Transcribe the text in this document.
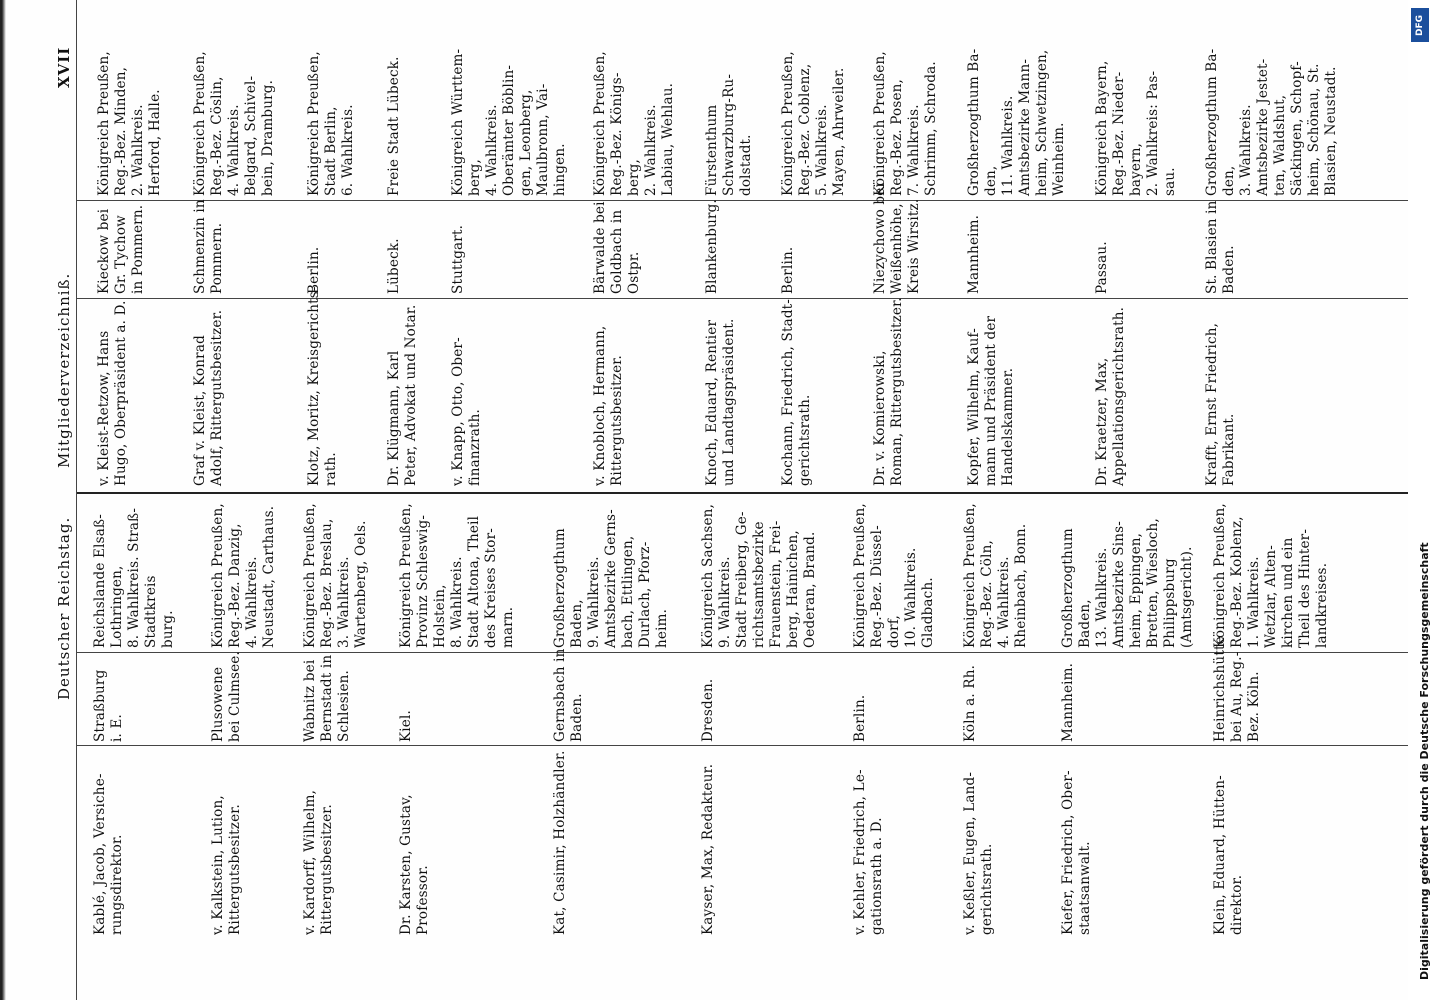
Deutscher Reichstag.
Mitgliederverzeichniß.
XVII
Kablé, Jacob, Versiche-
rungsdirektor.
Straßburg
i. E.
Reichslande Elsaß-
Lothringen,
8. Wahlkreis. Straß-
Stadtkreis
burg.
v. Kalkstein, Lution,
Rittergutsbesitzer.
Plusowene
bei Culmsee.
Königreich Preußen,
Reg.-Bez. Danzig,
4. Wahlkreis.
Neustadt, Carthaus.
v. Kardorff, Wilhelm,
Rittergutsbesitzer.
Wabnitz bei
Bernstadt in
Schlesien.
Königreich Preußen,
Reg.-Bez. Breslau,
3. Wahlkreis.
Wartenberg, Oels.
Dr. Karsten, Gustav,
Professor.
Kiel.
Königreich Preußen,
Provinz Schleswig-
Holstein,
8. Wahlkreis.
Stadt Altona, Theil
des Kreises Stor-
marn.
Kat, Casimir, Holzhändler.
Gernsbach in
Baden.
Großherzogthum
Baden,
9. Wahlkreis.
Amtsbezirke Gerns-
bach, Ettlingen,
Durlach, Pforz-
heim.
Kayser, Max, Redakteur.
Dresden.
Königreich Sachsen,
9. Wahlkreis.
Stadt Freiberg, Ge-
richtsamtsbezirke
Frauenstein, Frei-
berg, Hainichen,
Oederan, Brand.
v. Kehler, Friedrich, Le-
gationsrath a. D.
Berlin.
Königreich Preußen,
Reg.-Bez. Düssel-
dorf,
10. Wahlkreis.
Gladbach.
v. Keßler, Eugen, Land-
gerichtsrath.
Köln a. Rh.
Königreich Preußen,
Reg.-Bez. Cöln,
4. Wahlkreis.
Rheinbach, Bonn.
Kiefer, Friedrich, Ober-
staatsanwalt.
Mannheim.
Großherzogthum
Baden,
13. Wahlkreis.
Amtsbezirke Sins-
heim, Eppingen,
Bretten, Wiesloch,
Philippsburg
(Amtsgericht).
Klein, Eduard, Hütten-
direktor.
Heinrichshütte
bei Au, Reg.-
Bez. Köln.
Königreich Preußen,
Reg.-Bez. Koblenz,
1. Wahlkreis.
Wetzlar, Alten-
kirchen und ein
Theil des Hinter-
landkreises.
v. Kleist-Retzow, Hans
Hugo, Oberpräsident a. D.
Kieckow bei
Gr. Tychow
in Pommern.
Königreich Preußen,
Reg.-Bez. Minden,
2. Wahlkreis.
Herford, Halle.
Graf v. Kleist, Konrad
Adolf, Rittergutsbesitzer.
Schmenzin in
Pommern.
Königreich Preußen,
Reg.-Bez. Cöslin,
4. Wahlkreis.
Belgard, Schivel-
bein, Dramburg.
Klotz, Moritz, Kreisgerichts-
rath.
Berlin.
Königreich Preußen,
Stadt Berlin,
6. Wahlkreis.
Dr. Klügmann, Karl
Peter, Advokat und Notar.
Lübeck.
Freie Stadt Lübeck.
v. Knapp, Otto, Ober-
finanzrath.
Stuttgart.
Königreich Württem-
berg,
4. Wahlkreis.
Oberämter Böblin-
gen, Leonberg,
Maulbronn, Vai-
hingen.
v. Knobloch, Hermann,
Rittergutsbesitzer.
Bärwalde bei
Goldbach in
Ostpr.
Königreich Preußen,
Reg.-Bez. Königs-
berg,
2. Wahlkreis.
Labiau, Wehlau.
Knoch, Eduard, Rentier
und Landtagspräsident.
Blankenburg.
Fürstenthum
Schwarzburg-Ru-
dolstadt.
Kochann, Friedrich, Stadt-
gerichtsrath.
Berlin.
Königreich Preußen,
Reg.-Bez. Coblenz,
5. Wahlkreis.
Mayen, Ahrweiler.
Dr. v. Komierowski,
Roman, Rittergutsbesitzer.
Niezychowo bei
Weißenhöhe,
Kreis Wirsitz.
Königreich Preußen,
Reg.-Bez. Posen,
7. Wahlkreis.
Schrimm, Schroda.
Kopfer, Wilhelm, Kauf-
mann und Präsident der
Handelskammer.
Mannheim.
Großherzogthum Ba-
den,
11. Wahlkreis.
Amtsbezirke Mann-
heim, Schwetzingen,
Weinheim.
Dr. Kraetzer, Max,
Appellationsgerichtsrath.
Passau.
Königreich Bayern,
Reg.-Bez. Nieder-
bayern,
2. Wahlkreis: Pas-
sau.
Krafft, Ernst Friedrich,
Fabrikant.
St. Blasien in
Baden.
Großherzogthum Ba-
den,
3. Wahlkreis.
Amtsbezirke Jestet-
ten, Waldshut,
Säckingen, Schopf-
heim, Schönau, St.
Blasien, Neustadt.
DFG
Digitalisierung gefördert durch die Deutsche Forschungsgemeinschaft
